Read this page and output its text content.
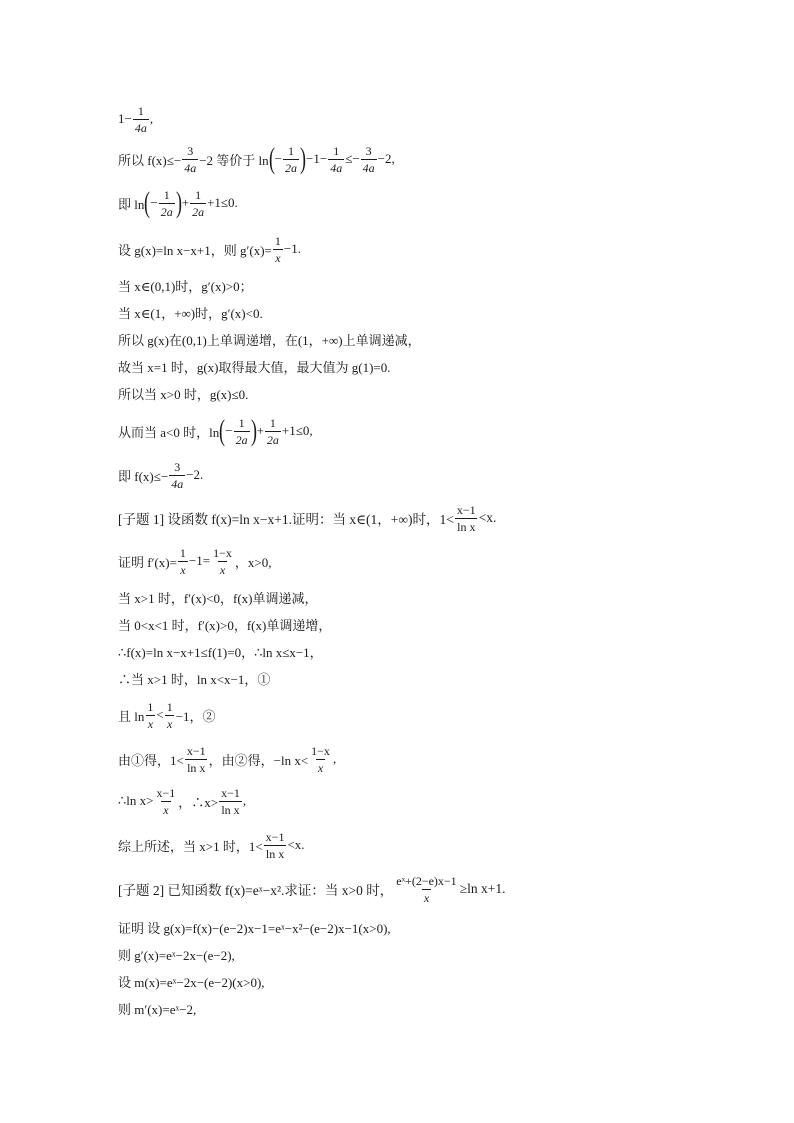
$1- \frac{1}{4a}$ ,
所以 $f(x)\le- \frac{3}{4a} -2$ 等价于 ln ( − $\frac{1}{2a}$ ) $-1- \frac{1}{4a} \le- \frac{3}{4a} -2$,
即 ln ( − $\frac{1}{2a}$ ) + $\frac{1}{2a} +1\le 0$.
设 g(x)=ln x−x+1，则 $g'(x)= \frac{1}{x} -1$.
当 x∈(0,1)时，g′(x)>0；
当 x∈(1，+∞)时，g′(x)<0.
所以 g(x)在(0,1)上单调递增，在(1，+∞)上单调递减，
故当 x=1 时，g(x)取得最大值，最大值为 g(1)=0.
所以当 x>0 时，g(x)≤0.
从而当 a<0 时，ln ( − $\frac{1}{2a}$ ) + $\frac{1}{2a} +1\le 0$,
即 $f(x)\le- \frac{3}{4a} -2$.
[子题 1] 设函数 f(x)=ln x−x+1.证明：当 x∈(1，+∞)时，$1< \frac{x-1}{\text{ln x}} <x$.
证明 $f'(x)= \frac{1}{x} -1= \frac{1-x}{x}$ ，x>0,
当 x>1 时，f′(x)<0，f(x)单调递减，
当 0<x<1 时，f′(x)>0，f(x)单调递增，
∴f(x)=ln x−x+1≤f(1)=0，∴ln x≤x−1，
∴当 x>1 时，ln x<x−1，①
且 $\ln \frac{1}{x} < \frac{1}{x} -1$，②
由①得，$1< \frac{x-1}{\text{ln x}}$ ，由②得，−ln $x< \frac{1-x}{x}$ ,
∴ln $x> \frac{x-1}{x}$ ，∴x> $\frac{x-1}{\text{ln x}}$ ,
综上所述，当 x>1 时，$1< \frac{x-1}{\text{ln x}} <x$.
[子题 2] 已知函数 f(x)=eˣ−x².求证：当 x>0 时， $\frac{\text{eˣ+(2−e)x−1}}{x} \ge\ln$ x+1.
证明 设 g(x)=f(x)−(e−2)x−1=eˣ−x²−(e−2)x−1(x>0),
则 g′(x)=eˣ−2x−(e−2),
设 m(x)=eˣ−2x−(e−2)(x>0),
则 m′(x)=eˣ−2,
